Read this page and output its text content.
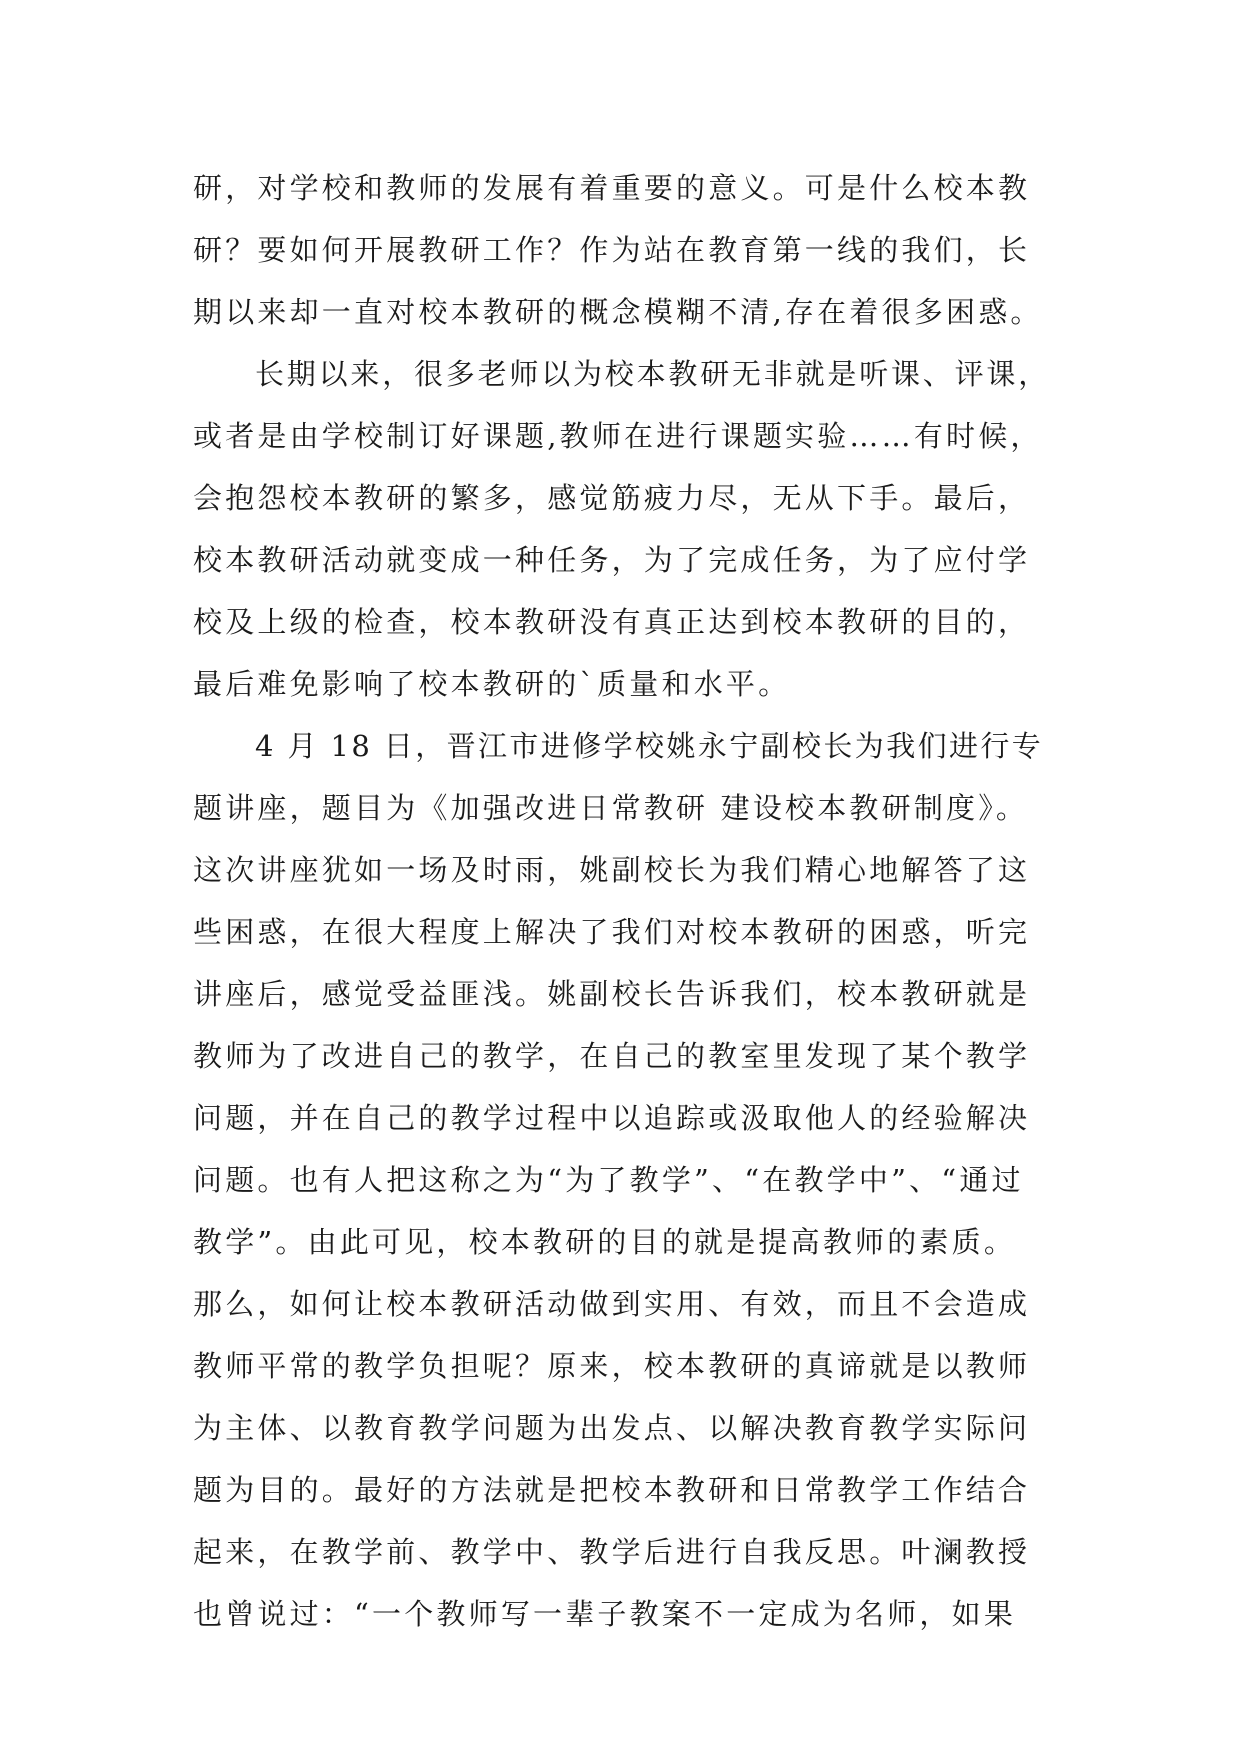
研，对学校和教师的发展有着重要的意义。可是什么校本教
研？要如何开展教研工作？作为站在教育第一线的我们，长
期以来却一直对校本教研的概念模糊不清,存在着很多困惑。
长期以来，很多老师以为校本教研无非就是听课、评课，
或者是由学校制订好课题,教师在进行课题实验……有时候，
会抱怨校本教研的繁多，感觉筋疲力尽，无从下手。最后，
校本教研活动就变成一种任务，为了完成任务，为了应付学
校及上级的检查，校本教研没有真正达到校本教研的目的，
最后难免影响了校本教研的`质量和水平。
4 月 18 日，晋江市进修学校姚永宁副校长为我们进行专
题讲座，题目为《加强改进日常教研 建设校本教研制度》。
这次讲座犹如一场及时雨，姚副校长为我们精心地解答了这
些困惑，在很大程度上解决了我们对校本教研的困惑，听完
讲座后，感觉受益匪浅。姚副校长告诉我们，校本教研就是
教师为了改进自己的教学，在自己的教室里发现了某个教学
问题，并在自己的教学过程中以追踪或汲取他人的经验解决
问题。也有人把这称之为“为了教学”、“在教学中”、“通过
教学”。由此可见，校本教研的目的就是提高教师的素质。
那么，如何让校本教研活动做到实用、有效，而且不会造成
教师平常的教学负担呢？原来，校本教研的真谛就是以教师
为主体、以教育教学问题为出发点、以解决教育教学实际问
题为目的。最好的方法就是把校本教研和日常教学工作结合
起来，在教学前、教学中、教学后进行自我反思。叶澜教授
也曾说过：“一个教师写一辈子教案不一定成为名师，如果
